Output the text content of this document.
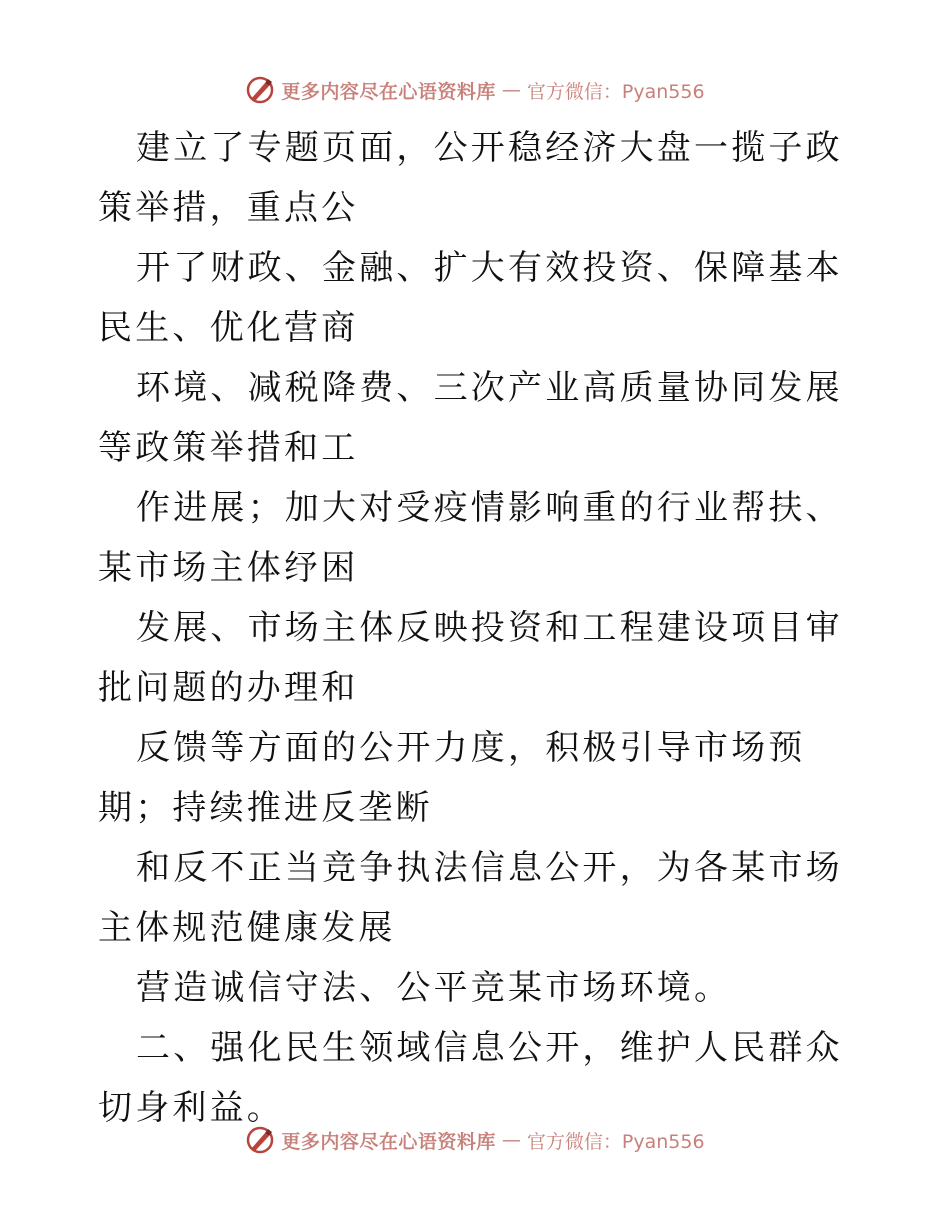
更多内容尽在心语资料库 — 官方微信：Pyan556

建立了专题页面，公开稳经济大盘一揽子政策举措，重点公

开了财政、金融、扩大有效投资、保障基本民生、优化营商

环境、减税降费、三次产业高质量协同发展等政策举措和工

作进展；加大对受疫情影响重的行业帮扶、某市场主体纾困

发展、市场主体反映投资和工程建设项目审批问题的办理和

反馈等方面的公开力度，积极引导市场预期；持续推进反垄断

和反不正当竞争执法信息公开，为各某市场主体规范健康发展

营造诚信守法、公平竞某市场环境。

二、强化民生领域信息公开，维护人民群众切身利益。

更多内容尽在心语资料库 — 官方微信：Pyan556
